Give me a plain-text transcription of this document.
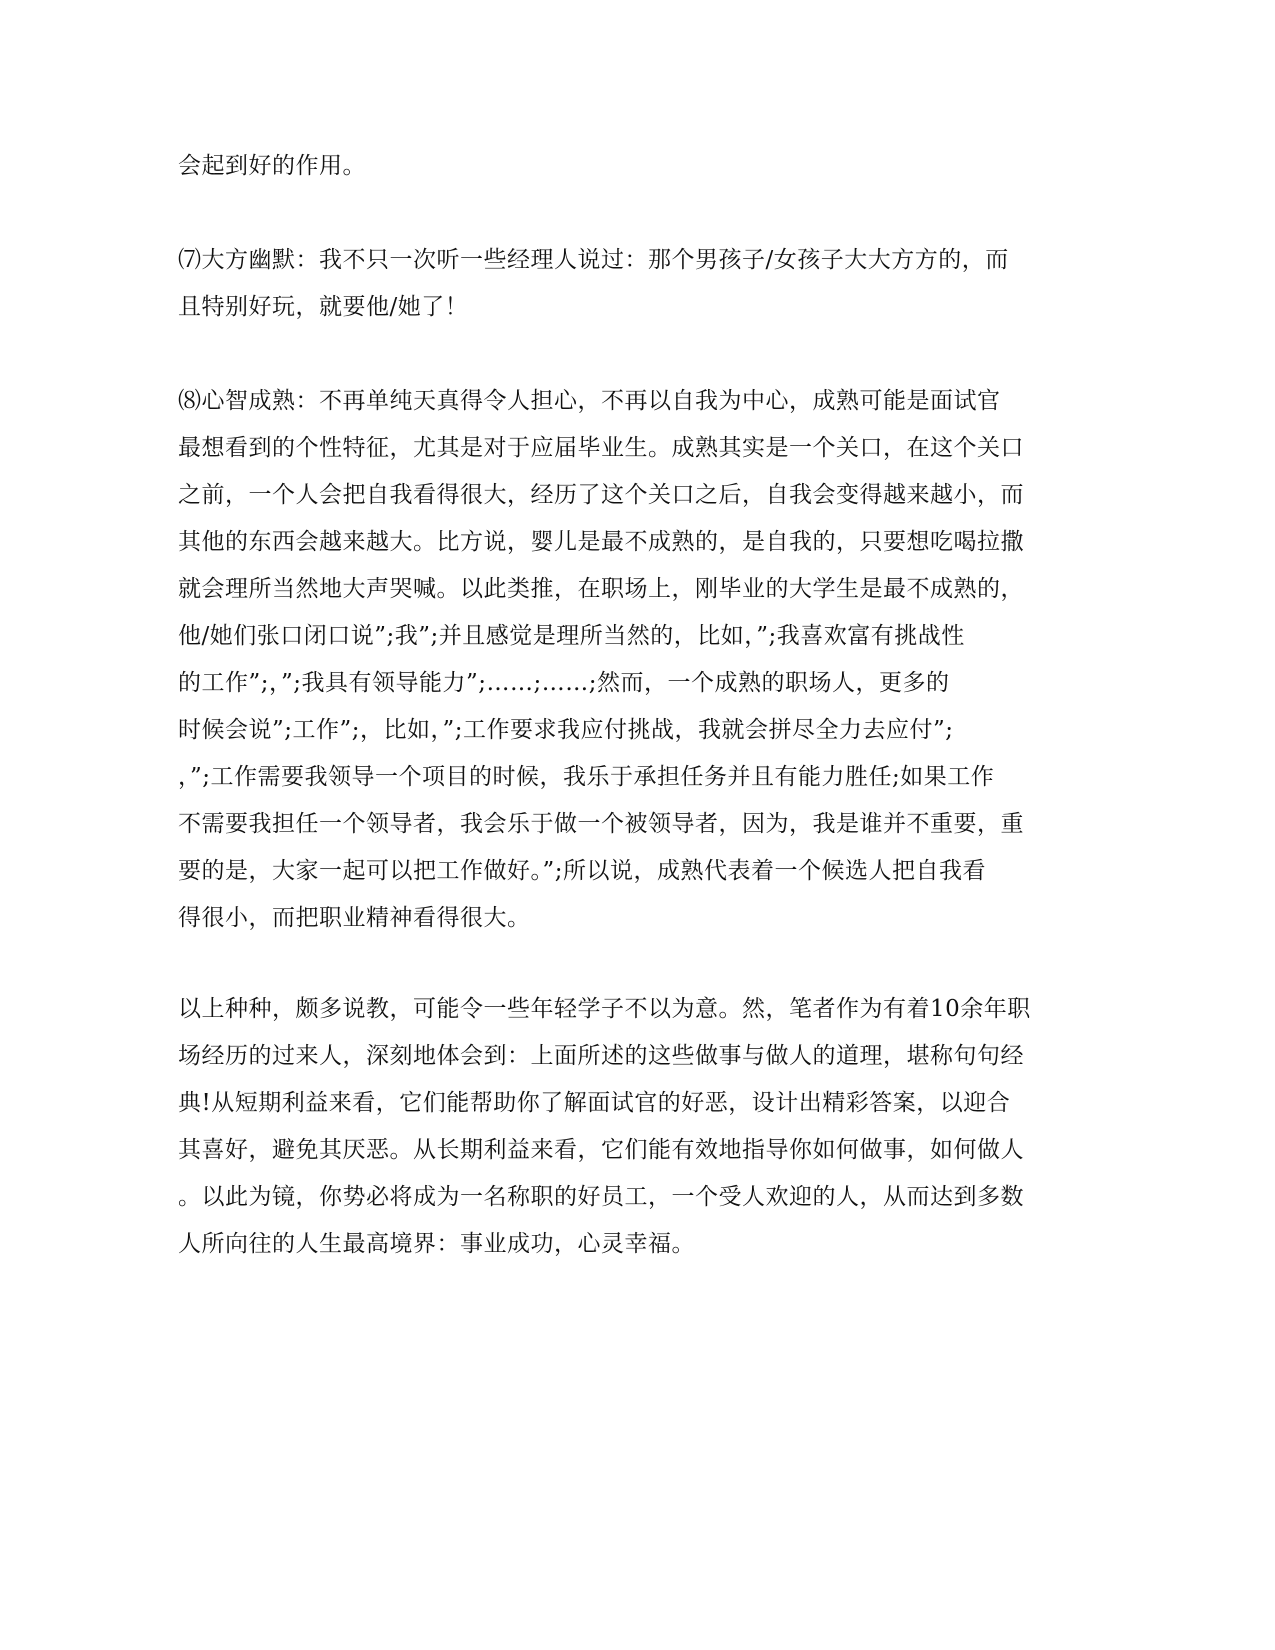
会起到好的作用。
⑺大方幽默：我不只一次听一些经理人说过：那个男孩子/女孩子大大方方的，而
且特别好玩，就要他/她了！
⑻心智成熟：不再单纯天真得令人担心，不再以自我为中心，成熟可能是面试官
最想看到的个性特征，尤其是对于应届毕业生。成熟其实是一个关口，在这个关口
之前，一个人会把自我看得很大，经历了这个关口之后，自我会变得越来越小，而
其他的东西会越来越大。比方说，婴儿是最不成熟的，是自我的，只要想吃喝拉撒
就会理所当然地大声哭喊。以此类推，在职场上，刚毕业的大学生是最不成熟的，
他/她们张口闭口说”;我”;并且感觉是理所当然的，比如，”;我喜欢富有挑战性
的工作”;，”;我具有领导能力”;……;……;然而，一个成熟的职场人，更多的
时候会说”;工作”;，比如，”;工作要求我应付挑战，我就会拼尽全力去应付”;
，”;工作需要我领导一个项目的时候，我乐于承担任务并且有能力胜任;如果工作
不需要我担任一个领导者，我会乐于做一个被领导者，因为，我是谁并不重要，重
要的是，大家一起可以把工作做好。”;所以说，成熟代表着一个候选人把自我看
得很小，而把职业精神看得很大。
以上种种，颇多说教，可能令一些年轻学子不以为意。然，笔者作为有着10余年职
场经历的过来人，深刻地体会到：上面所述的这些做事与做人的道理，堪称句句经
典!从短期利益来看，它们能帮助你了解面试官的好恶，设计出精彩答案，以迎合
其喜好，避免其厌恶。从长期利益来看，它们能有效地指导你如何做事，如何做人
。以此为镜，你势必将成为一名称职的好员工，一个受人欢迎的人，从而达到多数
人所向往的人生最高境界：事业成功，心灵幸福。
